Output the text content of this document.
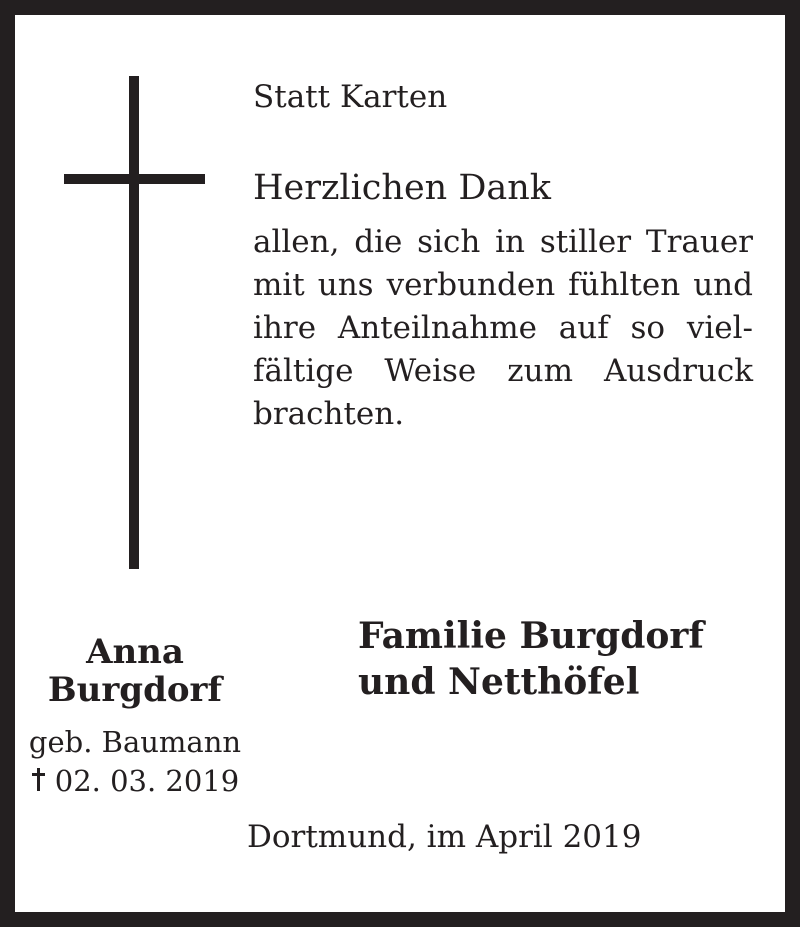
Statt Karten
Herzlichen Dank
allen, die sich in stiller Trauer
mit uns verbunden fühlten und
ihre Anteilnahme auf so viel-
fältige Weise zum Ausdruck
brachten.
Anna
Burgdorf
geb. Baumann
02. 03. 2019
Familie Burgdorf
und Netthöfel
Dortmund, im April 2019
